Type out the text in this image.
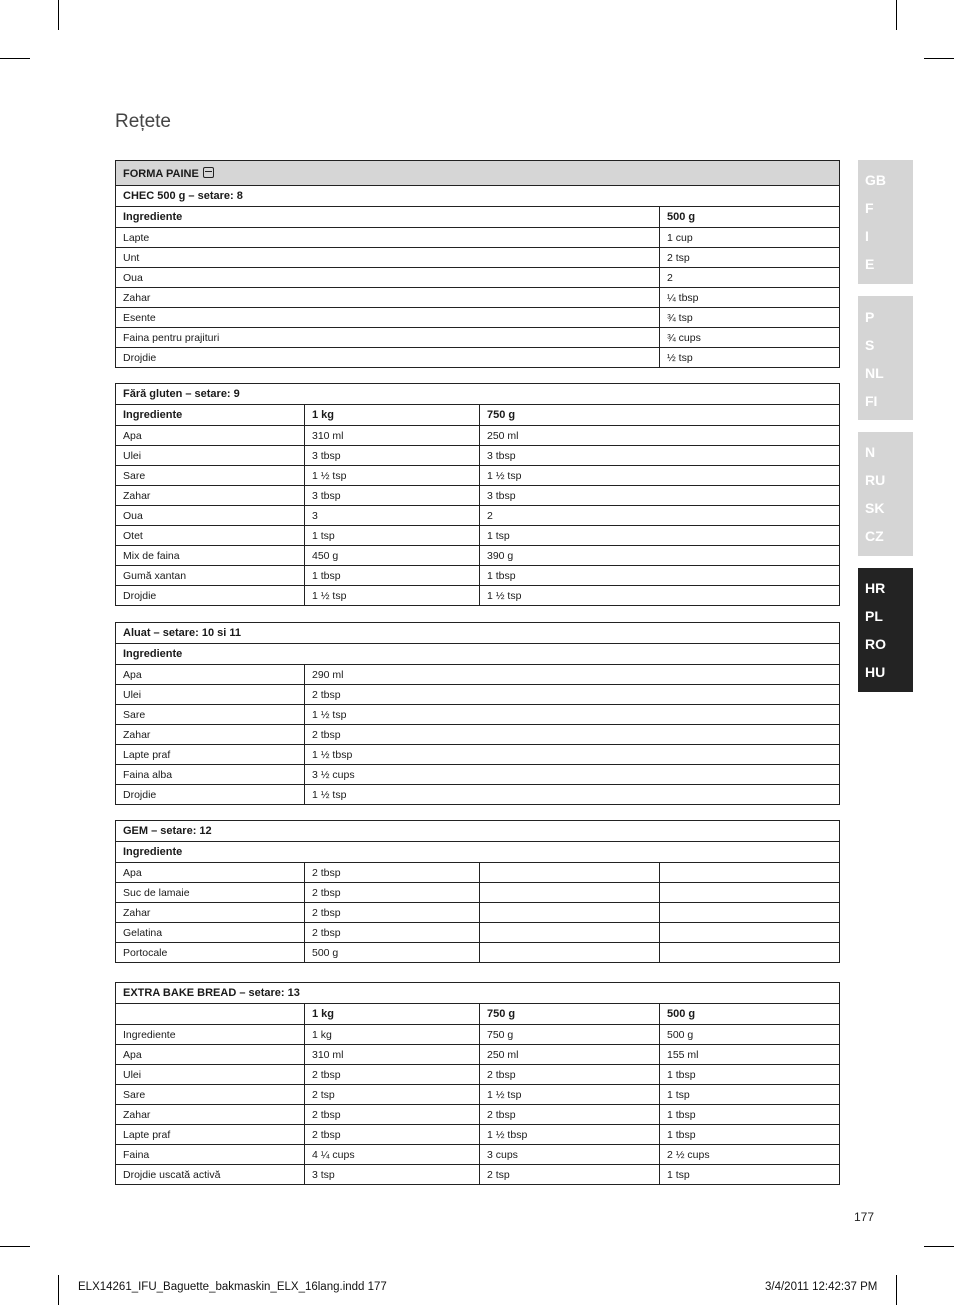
Rețete
FORMA PAINE	
CHEC 500 g – setare: 8	
Ingrediente	500 g
Lapte	1 cup
Unt	2 tsp
Oua	2
Zahar	¼ tbsp
Esente	¾ tsp
Faina pentru prajituri	¾ cups
Drojdie	½ tsp
Fără gluten – setare: 9		
Ingrediente	1 kg	750 g
Apa	310 ml	250 ml
Ulei	3 tbsp	3 tbsp
Sare	1 ½ tsp	1 ½ tsp
Zahar	3 tbsp	3 tbsp
Oua	3	2
Otet	1 tsp	1 tsp
Mix de faina	450 g	390 g
Gumă xantan	1 tbsp	1 tbsp
Drojdie	1 ½ tsp	1 ½ tsp
Aluat – setare: 10 si 11	
Ingrediente	
Apa	290 ml
Ulei	2 tbsp
Sare	1 ½ tsp
Zahar	2 tbsp
Lapte praf	1 ½ tbsp
Faina alba	3 ½ cups
Drojdie	1 ½ tsp
GEM – setare: 12			
Ingrediente			
Apa	2 tbsp		
Suc de lamaie	2 tbsp		
Zahar	2 tbsp		
Gelatina	2 tbsp		
Portocale	500 g		
EXTRA BAKE BREAD – setare: 13			
	1 kg	750 g	500 g
Ingrediente	1 kg	750 g	500 g
Apa	310 ml	250 ml	155 ml
Ulei	2 tbsp	2 tbsp	1 tbsp
Sare	2 tsp	1 ½ tsp	1 tsp
Zahar	2 tbsp	2 tbsp	1 tbsp
Lapte praf	2 tbsp	1 ½ tbsp	1 tbsp
Faina	4 ¼ cups	3 cups	2 ½ cups
Drojdie uscată activă	3 tsp	2 tsp	1 tsp
GB
F
I
E
P
S
NL
FI
N
RU
SK
CZ
HR
PL
RO
HU
177
ELX14261_IFU_Baguette_bakmaskin_ELX_16lang.indd 177	3/4/2011 12:42:37 PM
